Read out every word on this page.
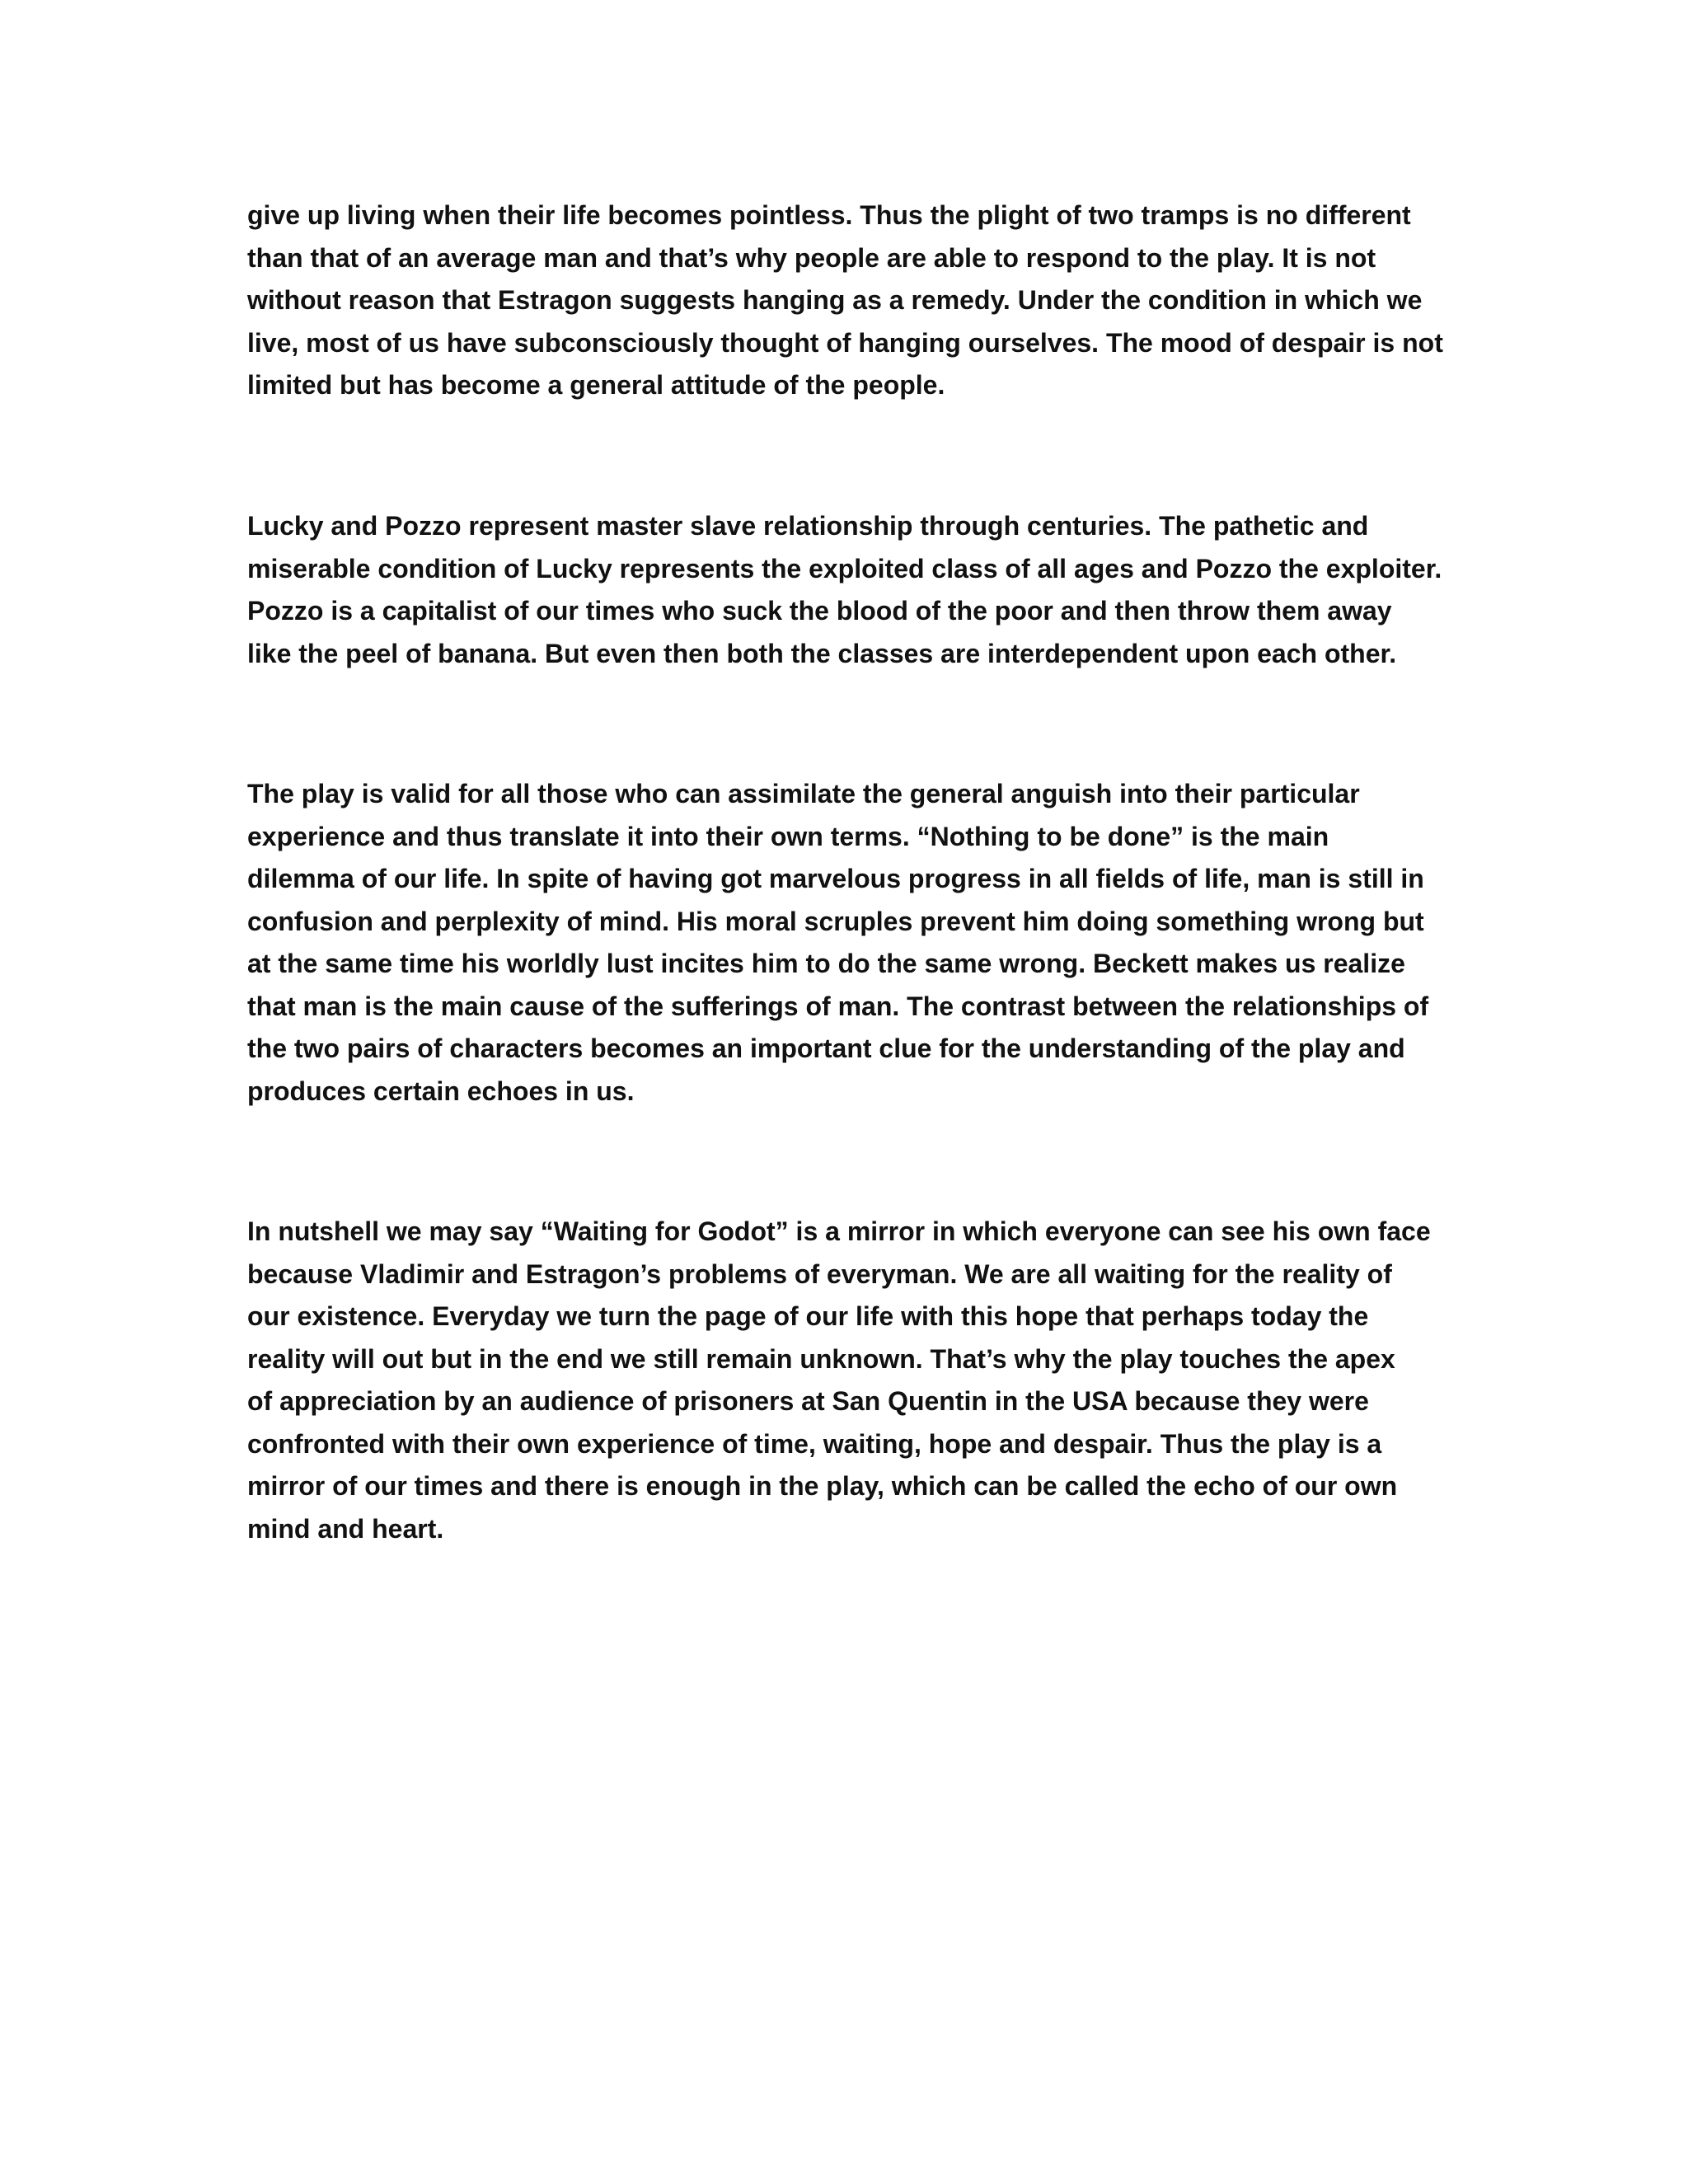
give up living when their life becomes pointless. Thus the plight of two tramps is no different
than that of an average man and that’s why people are able to respond to the play. It is not
without reason that Estragon suggests hanging as a remedy. Under the condition in which we
live, most of us have subconsciously thought of hanging ourselves. The mood of despair is not
limited but has become a general attitude of the people.

Lucky and Pozzo represent master slave relationship through centuries. The pathetic and
miserable condition of Lucky represents the exploited class of all ages and Pozzo the exploiter.
Pozzo is a capitalist of our times who suck the blood of the poor and then throw them away
like the peel of banana. But even then both the classes are interdependent upon each other.

The play is valid for all those who can assimilate the general anguish into their particular
experience and thus translate it into their own terms. “Nothing to be done” is the main
dilemma of our life. In spite of having got marvelous progress in all fields of life, man is still in
confusion and perplexity of mind. His moral scruples prevent him doing something wrong but
at the same time his worldly lust incites him to do the same wrong. Beckett makes us realize
that man is the main cause of the sufferings of man. The contrast between the relationships of
the two pairs of characters becomes an important clue for the understanding of the play and
produces certain echoes in us.

In nutshell we may say “Waiting for Godot” is a mirror in which everyone can see his own face
because Vladimir and Estragon’s problems of everyman. We are all waiting for the reality of
our existence. Everyday we turn the page of our life with this hope that perhaps today the
reality will out but in the end we still remain unknown. That’s why the play touches the apex
of appreciation by an audience of prisoners at San Quentin in the USA because they were
confronted with their own experience of time, waiting, hope and despair. Thus the play is a
mirror of our times and there is enough in the play, which can be called the echo of our own
mind and heart.
